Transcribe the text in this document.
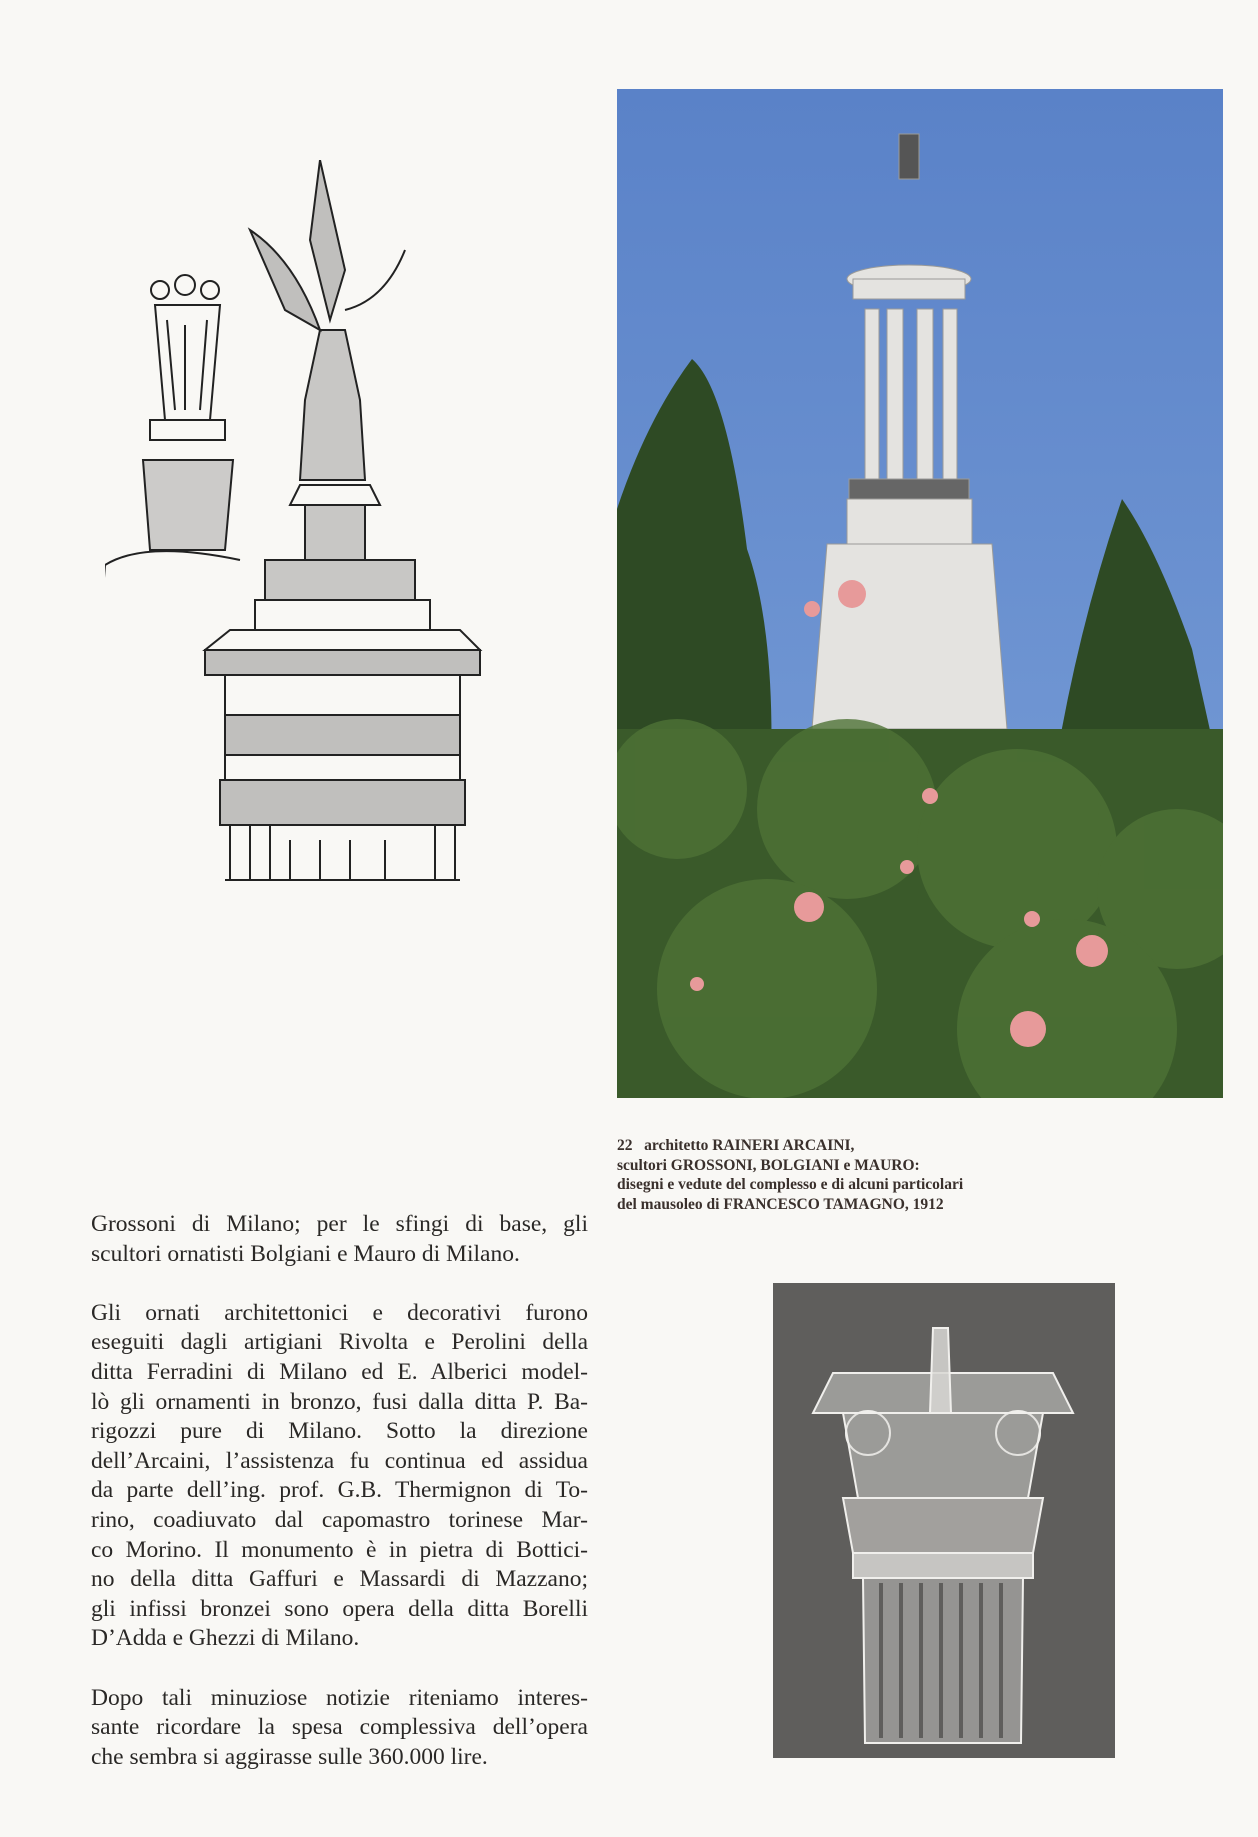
22 architetto RAINERI ARCAINI,
scultori GROSSONI, BOLGIANI e MAURO:
disegni e vedute del complesso e di alcuni particolari
del mausoleo di FRANCESCO TAMAGNO, 1912
Grossoni di Milano; per le sfingi di base, gli
scultori ornatisti Bolgiani e Mauro di Milano.
Gli ornati architettonici e decorativi furono
eseguiti dagli artigiani Rivolta e Perolini della
ditta Ferradini di Milano ed E. Alberici model-
lò gli ornamenti in bronzo, fusi dalla ditta P. Ba-
rigozzi pure di Milano. Sotto la direzione
dell’Arcaini, l’assistenza fu continua ed assidua
da parte dell’ing. prof. G.B. Thermignon di To-
rino, coadiuvato dal capomastro torinese Mar-
co Morino. Il monumento è in pietra di Bottici-
no della ditta Gaffuri e Massardi di Mazzano;
gli infissi bronzei sono opera della ditta Borelli
D’Adda e Ghezzi di Milano.
Dopo tali minuziose notizie riteniamo interes-
sante ricordare la spesa complessiva dell’opera
che sembra si aggirasse sulle 360.000 lire.
